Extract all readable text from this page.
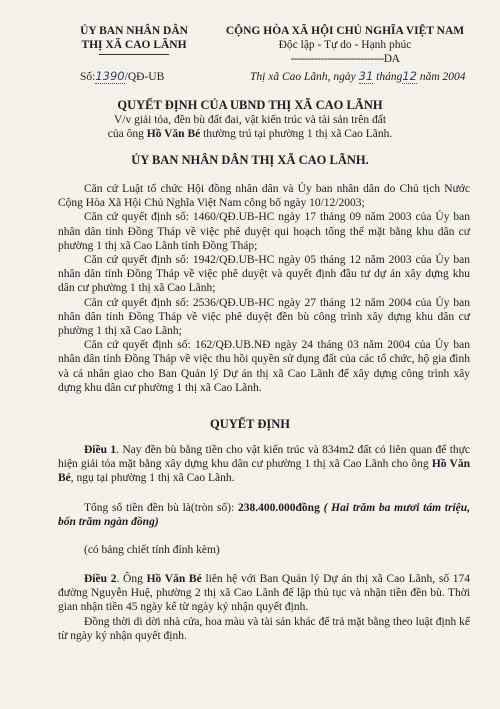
ỦY BAN NHÂN DÂN
THỊ XÃ CAO LÃNH
CỘNG HÒA XÃ HỘI CHỦ NGHĨA VIỆT NAM
Độc lập - Tự do - Hạnh phúc
----------------------------DA
Số:1390/QĐ-UB	Thị xã Cao Lãnh, ngày 31 tháng12 năm 2004
QUYẾT ĐỊNH CỦA UBND THỊ XÃ CAO LÃNH
V/v giải tỏa, đền bù đất đai, vật kiến trúc và tài sản trên đất
của ông Hồ Văn Bé thường trú tại phường 1 thị xã Cao Lãnh.
ỦY BAN NHÂN DÂN THỊ XÃ CAO LÃNH.

Căn cứ Luật tổ chức Hội đồng nhân dân và Ủy ban nhân dân do Chủ tịch Nước Cộng Hòa Xã Hội Chủ Nghĩa Việt Nam công bố ngày 10/12/2003;

Căn cứ quyết định số: 1460/QĐ.UB-HC ngày 17 tháng 09 năm 2003 của Ủy ban nhân dân tỉnh Đồng Tháp về việc phê duyệt qui hoạch tổng thể mặt bằng khu dân cư phường 1 thị xã Cao Lãnh tỉnh Đồng Tháp;

Căn cứ quyết định số: 1942/QĐ.UB-HC ngày 05 tháng 12 năm 2003 của Ủy ban nhân dân tỉnh Đồng Tháp về việc phê duyệt và quyết định đầu tư dự án xây dựng khu dân cư phường 1 thị xã Cao Lãnh;

Căn cứ quyết định số: 2536/QĐ.UB-HC ngày 27 tháng 12 năm 2004 của Ủy ban nhân dân tỉnh Đồng Tháp về việc phê duyệt đền bù công trình xây dựng khu dân cư phường 1 thị xã Cao Lãnh;

Căn cứ quyết định số: 162/QĐ.UB.NĐ ngày 24 tháng 03 năm 2004 của Ủy ban nhân dân tỉnh Đồng Tháp về việc thu hồi quyền sử dụng đất của các tổ chức, hộ gia đình và cá nhân giao cho Ban Quản lý Dự án thị xã Cao Lãnh để xây dựng công trình xây dựng khu dân cư phường 1 thị xã Cao Lãnh.

QUYẾT ĐỊNH

Điều 1. Nay đền bù bằng tiền cho vật kiến trúc và 834m2 đất có liên quan để thực hiện giải tỏa mặt bằng xây dựng khu dân cư phường 1 thị xã Cao Lãnh cho ông Hồ Văn Bé, ngụ tại phường 1 thị xã Cao Lãnh.

Tổng số tiền đền bù là(tròn số): 238.400.000đồng ( Hai trăm ba mươi tám triệu, bốn trăm ngàn đồng)

(có bảng chiết tính đính kèm)

Điều 2. Ông Hồ Văn Bé liên hệ với Ban Quản lý Dự án thị xã Cao Lãnh, số 174 đường Nguyễn Huệ, phường 2 thị xã Cao Lãnh để lập thủ tục và nhận tiền đền bù. Thời gian nhận tiền 45 ngày kể từ ngày ký nhận quyết định.

Đồng thời di dời nhà cửa, hoa màu và tài sản khác để trả mặt bằng theo luật định kể từ ngày ký nhận quyết định.
